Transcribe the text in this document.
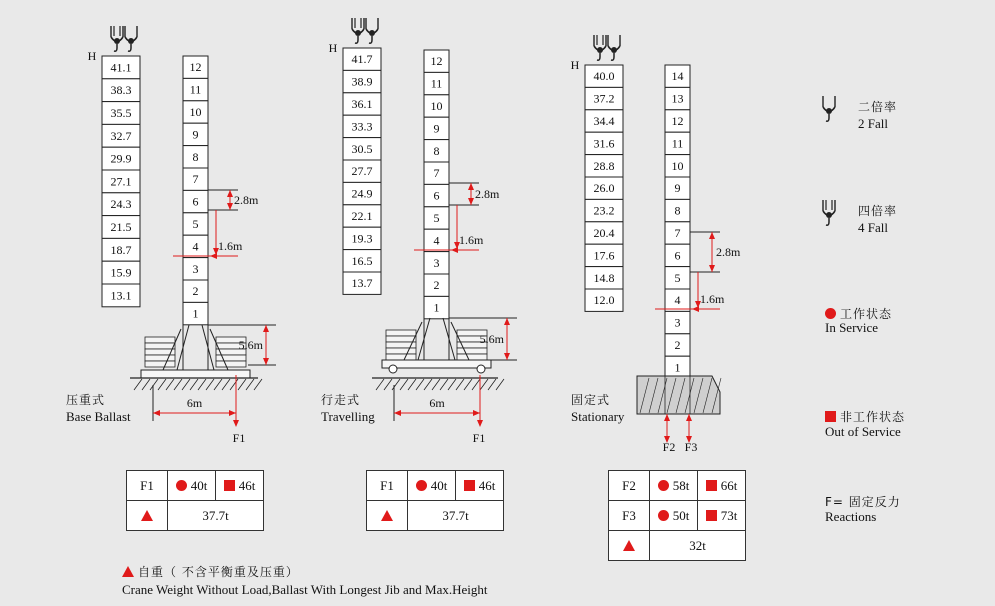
41.1
38.3
35.5
32.7
29.9
27.1
24.3
21.5
18.7
15.9
13.1
H
12
11
10
9
8
7
6
5
4
3
2
1
2.8m
1.6m
5.6m
6m
F1
41.7
38.9
36.1
33.3
30.5
27.7
24.9
22.1
19.3
16.5
13.7
H
12
11
10
9
8
7
6
5
4
3
2
1
2.8m
1.6m
5.6m
6m
F1
40.0
37.2
34.4
31.6
28.8
26.0
23.2
20.4
17.6
14.8
12.0
H
14
13
12
11
10
9
8
7
6
5
4
3
2
1
2.8m
1.6m
F2 F3
压重式
Base Ballast
行走式
Travelling
固定式
Stationary
F1	40t	46t
	37.7t	
F1	40t	46t
	37.7t	
F2	58t	66t
F3	50t	73t
	32t	
二倍率
2 Fall
四倍率
4 Fall
工作状态
In Service
非工作状态
Out of Service
F= 固定反力
Reactions
自重（ 不含平衡重及压重）
Crane Weight Without Load,Ballast With Longest Jib and Max.Height
